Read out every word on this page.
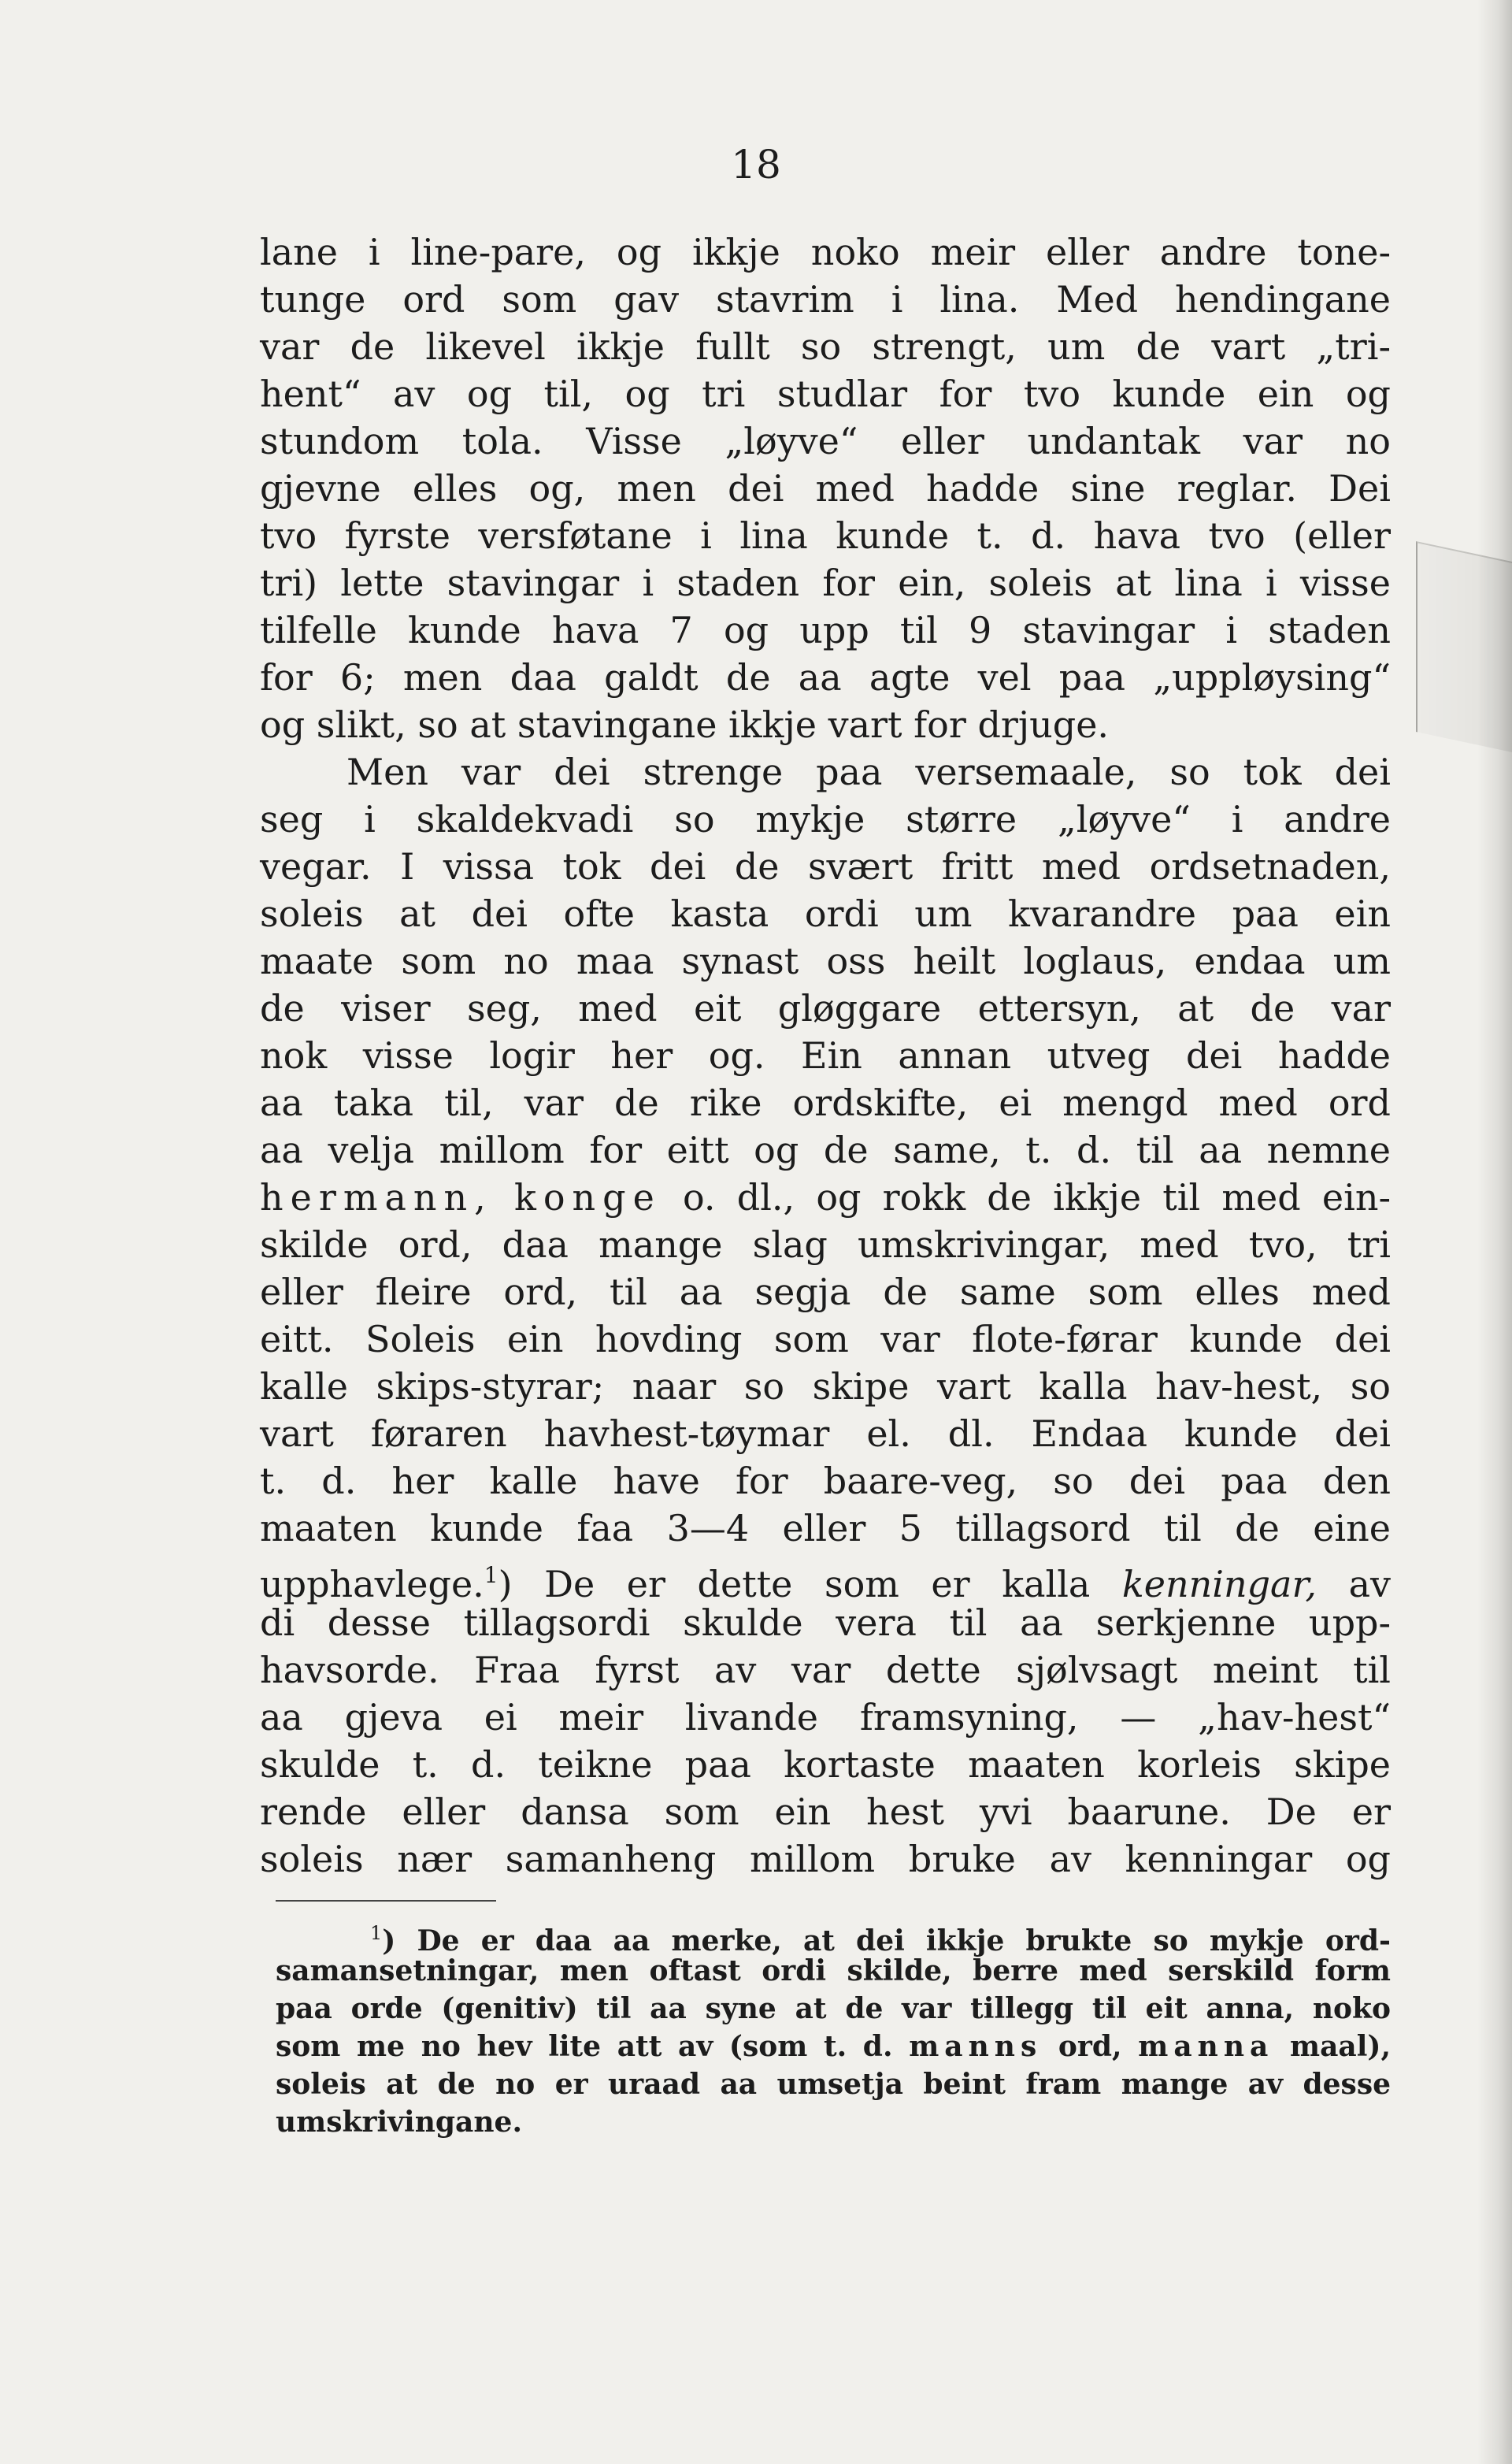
18
lane i line-pare, og ikkje noko meir eller andre tone-
tunge ord som gav stavrim i lina. Med hendingane
var de likevel ikkje fullt so strengt, um de vart „tri-
hent“ av og til, og tri studlar for tvo kunde ein og
stundom tola. Visse „løyve“ eller undantak var no
gjevne elles og, men dei med hadde sine reglar. Dei
tvo fyrste versføtane i lina kunde t. d. hava tvo (eller
tri) lette stavingar i staden for ein, soleis at lina i visse
tilfelle kunde hava 7 og upp til 9 stavingar i staden
for 6; men daa galdt de aa agte vel paa „uppløysing“
og slikt, so at stavingane ikkje vart for drjuge.
Men var dei strenge paa versemaale, so tok dei
seg i skaldekvadi so mykje større „løyve“ i andre
vegar. I vissa tok dei de svært fritt med ordsetnaden,
soleis at dei ofte kasta ordi um kvarandre paa ein
maate som no maa synast oss heilt loglaus, endaa um
de viser seg, med eit gløggare ettersyn, at de var
nok visse logir her og. Ein annan utveg dei hadde
aa taka til, var de rike ordskifte, ei mengd med ord
aa velja millom for eitt og de same, t. d. til aa nemne
hermann, konge o. dl., og rokk de ikkje til med ein-
skilde ord, daa mange slag umskrivingar, med tvo, tri
eller fleire ord, til aa segja de same som elles med
eitt. Soleis ein hovding som var flote-førar kunde dei
kalle skips-styrar; naar so skipe vart kalla hav-hest, so
vart føraren havhest-tøymar el. dl. Endaa kunde dei
t. d. her kalle have for baare-veg, so dei paa den
maaten kunde faa 3—4 eller 5 tillagsord til de eine
upphavlege.$^1$) De er dette som er kalla kenningar, av
di desse tillagsordi skulde vera til aa serkjenne upp-
havsorde. Fraa fyrst av var dette sjølvsagt meint til
aa gjeva ei meir livande framsyning, — „hav-hest“
skulde t. d. teikne paa kortaste maaten korleis skipe
rende eller dansa som ein hest yvi baarune. De er
soleis nær samanheng millom bruke av kenningar og
$^1$) De er daa aa merke, at dei ikkje brukte so mykje ord-
samansetningar, men oftast ordi skilde, berre med serskild form
paa orde (genitiv) til aa syne at de var tillegg til eit anna, noko
som me no hev lite att av (som t. d. manns ord, manna maal),
soleis at de no er uraad aa umsetja beint fram mange av desse
umskrivingane.
